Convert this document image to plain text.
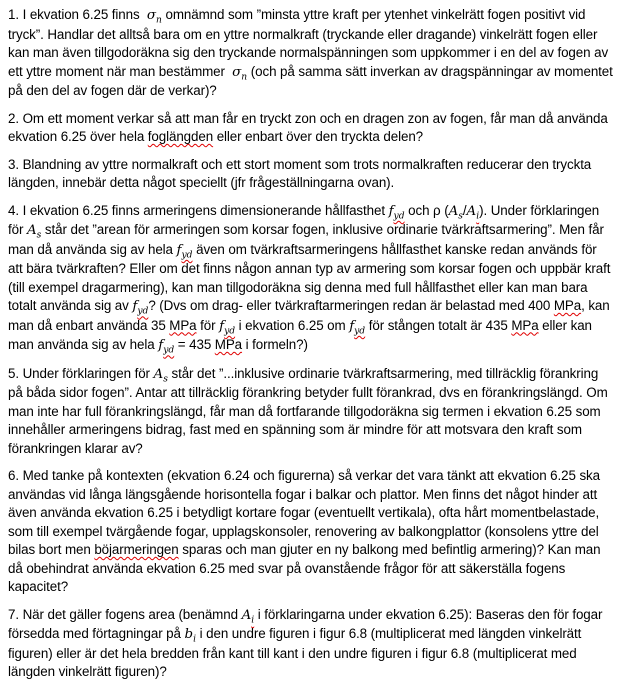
1. I ekvation 6.25 finns  $\sigma_n$ omnämnd som ”minsta yttre kraft per ytenhet vinkelrätt fogen positivt vid tryck”. Handlar det alltså bara om en yttre normalkraft (tryckande eller dragande) vinkelrätt fogen eller kan man även tillgodoräkna sig den tryckande normalspänningen som uppkommer i en del av fogen av ett yttre moment när man bestämmer  $\sigma_n$ (och på samma sätt inverkan av dragspänningar av momentet på den del av fogen där de verkar)?

2. Om ett moment verkar så att man får en tryckt zon och en dragen zon av fogen, får man då använda ekvation 6.25 över hela foglängden eller enbart över den tryckta delen?

3. Blandning av yttre normalkraft och ett stort moment som trots normalkraften reducerar den tryckta längden, innebär detta något speciellt (jfr frågeställningarna ovan).

4. I ekvation 6.25 finns armeringens dimensionerande hållfasthet $f_{yd}$ och ρ $(A_s/A_i)$. Under förklaringen för $A_s$ står det ”arean för armeringen som korsar fogen, inklusive ordinarie tvärkraftsarmering”. Men får man då använda sig av hela $f_{yd}$ även om tvärkraftsarmeringens hållfasthet kanske redan används för att bära tvärkraften? Eller om det finns någon annan typ av armering som korsar fogen och uppbär kraft (till exempel dragarmering), kan man tillgodoräkna sig denna med full hållfasthet eller kan man bara totalt använda sig av $f_{yd}$? (Dvs om drag- eller tvärkraftarmeringen redan är belastad med 400 MPa, kan man då enbart använda 35 MPa för $f_{yd}$ i ekvation 6.25 om $f_{yd}$ för stången totalt är 435 MPa eller kan man använda sig av hela $f_{yd} = 435$ MPa i formeln?)

5. Under förklaringen för $A_s$ står det ”...inklusive ordinarie tvärkraftsarmering, med tillräcklig förankring på båda sidor fogen”. Antar att tillräcklig förankring betyder fullt förankrad, dvs en förankringslängd. Om man inte har full förankringslängd, får man då fortfarande tillgodoräkna sig termen i ekvation 6.25 som innehåller armeringens bidrag, fast med en spänning som är mindre för att motsvara den kraft som förankringen klarar av?

6. Med tanke på kontexten (ekvation 6.24 och figurerna) så verkar det vara tänkt att ekvation 6.25 ska användas vid långa längsgående horisontella fogar i balkar och plattor. Men finns det något hinder att även använda ekvation 6.25 i betydligt kortare fogar (eventuellt vertikala), ofta hårt momentbelastade, som till exempel tvärgående fogar, upplagskonsoler, renovering av balkongplattor (konsolens yttre del bilas bort men böjarmeringen sparas och man gjuter en ny balkong med befintlig armering)? Kan man då obehindrat använda ekvation 6.25 med svar på ovanstående frågor för att säkerställa fogens kapacitet?

7. När det gäller fogens area (benämnd $A_i$ i förklaringarna under ekvation 6.25): Baseras den för fogar försedda med förtagningar på $b_i$ i den undre figuren i figur 6.8 (multiplicerat med längden vinkelrätt figuren) eller är det hela bredden från kant till kant i den undre figuren i figur 6.8 (multiplicerat med längden vinkelrätt figuren)?
